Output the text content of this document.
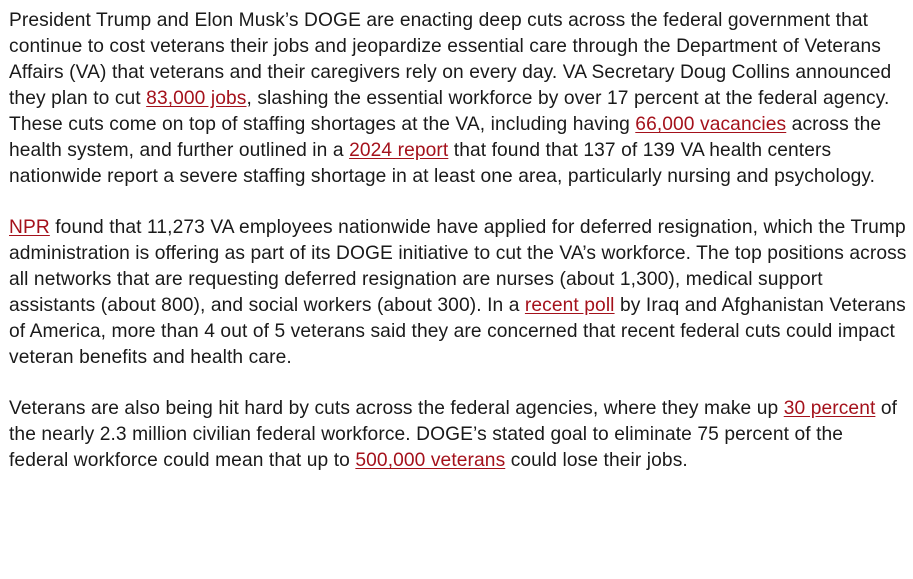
President Trump and Elon Musk’s DOGE are enacting deep cuts across the federal government that continue to cost veterans their jobs and jeopardize essential care through the Department of Veterans Affairs (VA) that veterans and their caregivers rely on every day. VA Secretary Doug Collins announced they plan to cut 83,000 jobs, slashing the essential workforce by over 17 percent at the federal agency. These cuts come on top of staffing shortages at the VA, including having 66,000 vacancies across the health system, and further outlined in a 2024 report that found that 137 of 139 VA health centers nationwide report a severe staffing shortage in at least one area, particularly nursing and psychology.

NPR found that 11,273 VA employees nationwide have applied for deferred resignation, which the Trump administration is offering as part of its DOGE initiative to cut the VA’s workforce. The top positions across all networks that are requesting deferred resignation are nurses (about 1,300), medical support assistants (about 800), and social workers (about 300). In a recent poll by Iraq and Afghanistan Veterans of America, more than 4 out of 5 veterans said they are concerned that recent federal cuts could impact veteran benefits and health care.

Veterans are also being hit hard by cuts across the federal agencies, where they make up 30 percent of the nearly 2.3 million civilian federal workforce. DOGE’s stated goal to eliminate 75 percent of the federal workforce could mean that up to 500,000 veterans could lose their jobs.
